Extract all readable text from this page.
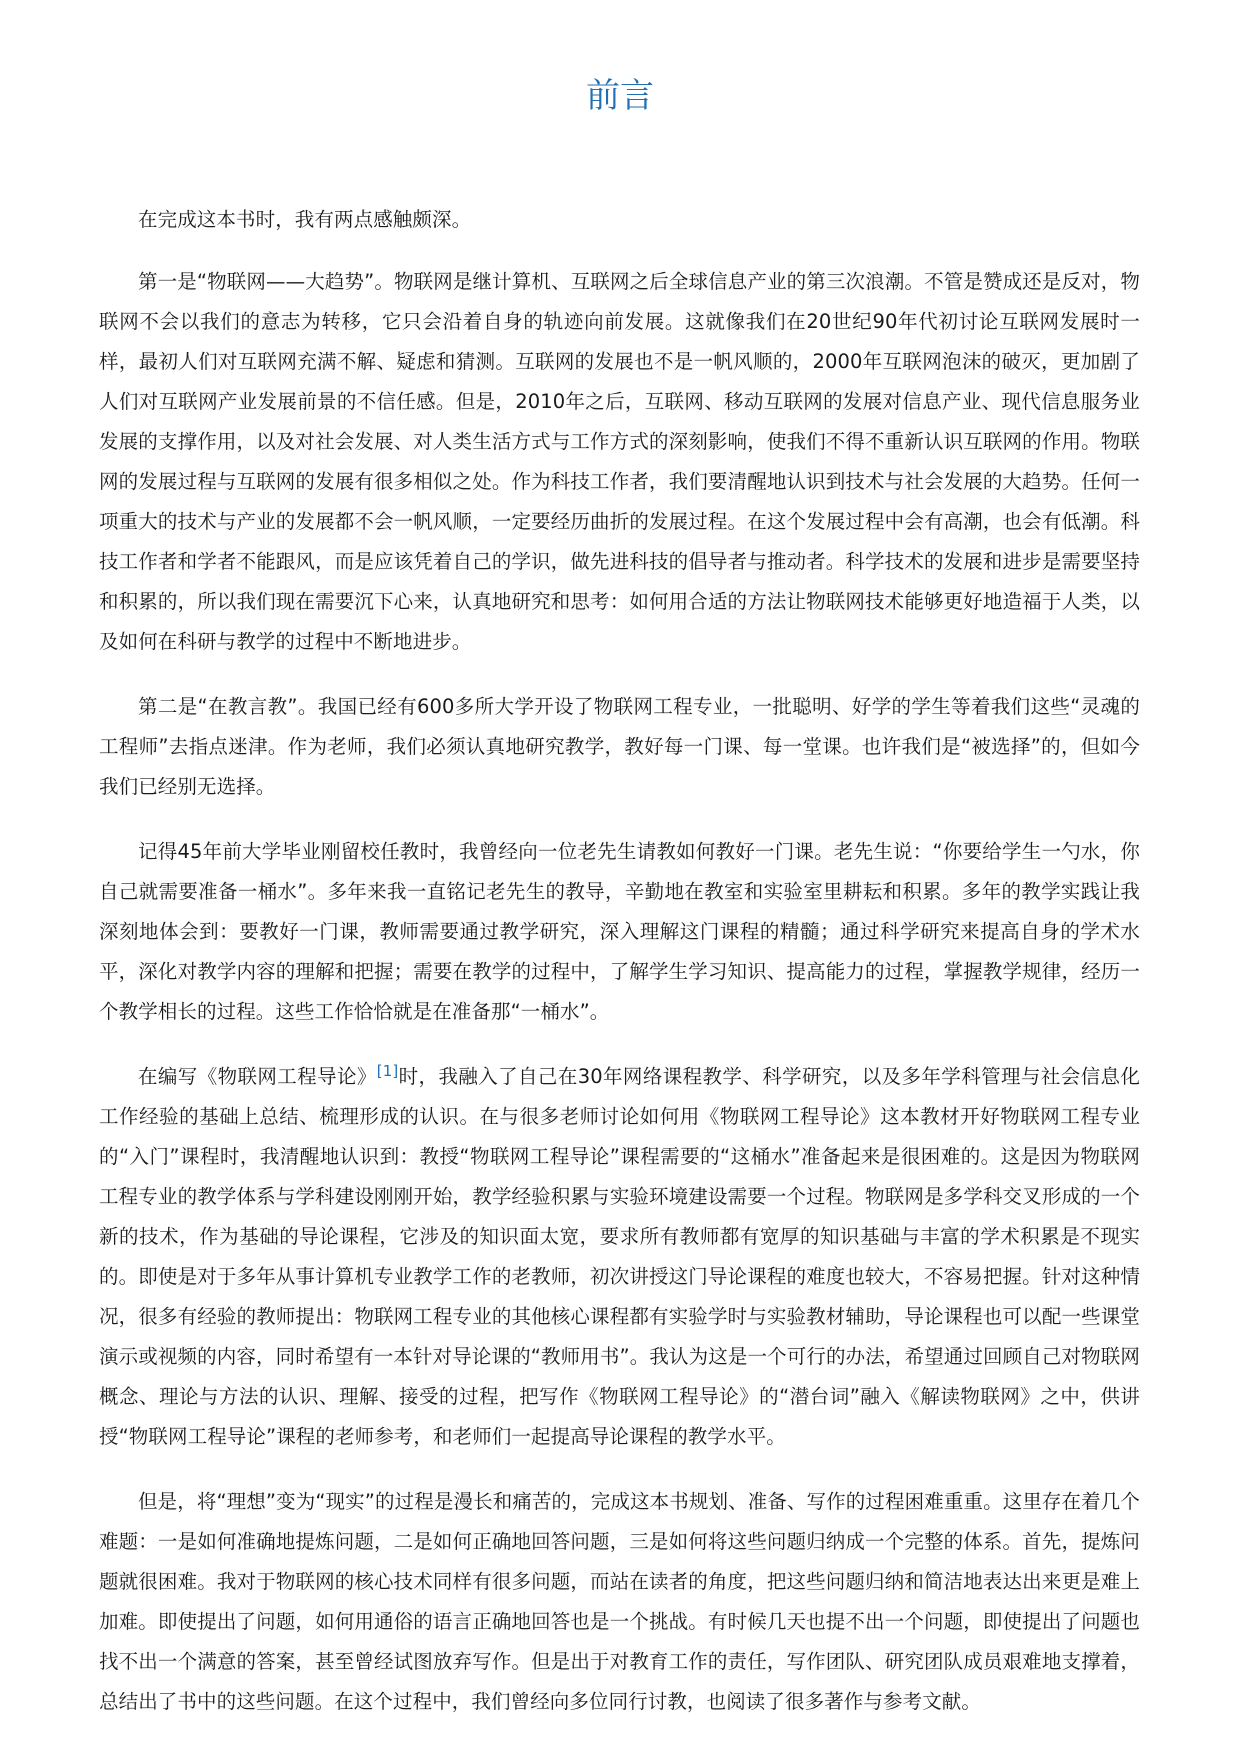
前言

在完成这本书时，我有两点感触颇深。

第一是“物联网——大趋势”。物联网是继计算机、互联网之后全球信息产业的第三次浪潮。不管是赞成还是反对，物联网不会以我们的意志为转移，它只会沿着自身的轨迹向前发展。这就像我们在20世纪90年代初讨论互联网发展时一样，最初人们对互联网充满不解、疑虑和猜测。互联网的发展也不是一帆风顺的，2000年互联网泡沫的破灭，更加剧了人们对互联网产业发展前景的不信任感。但是，2010年之后，互联网、移动互联网的发展对信息产业、现代信息服务业发展的支撑作用，以及对社会发展、对人类生活方式与工作方式的深刻影响，使我们不得不重新认识互联网的作用。物联网的发展过程与互联网的发展有很多相似之处。作为科技工作者，我们要清醒地认识到技术与社会发展的大趋势。任何一项重大的技术与产业的发展都不会一帆风顺，一定要经历曲折的发展过程。在这个发展过程中会有高潮，也会有低潮。科技工作者和学者不能跟风，而是应该凭着自己的学识，做先进科技的倡导者与推动者。科学技术的发展和进步是需要坚持和积累的，所以我们现在需要沉下心来，认真地研究和思考：如何用合适的方法让物联网技术能够更好地造福于人类，以及如何在科研与教学的过程中不断地进步。

第二是“在教言教”。我国已经有600多所大学开设了物联网工程专业，一批聪明、好学的学生等着我们这些“灵魂的工程师”去指点迷津。作为老师，我们必须认真地研究教学，教好每一门课、每一堂课。也许我们是“被选择”的，但如今我们已经别无选择。

记得45年前大学毕业刚留校任教时，我曾经向一位老先生请教如何教好一门课。老先生说：“你要给学生一勺水，你自己就需要准备一桶水”。多年来我一直铭记老先生的教导，辛勤地在教室和实验室里耕耘和积累。多年的教学实践让我深刻地体会到：要教好一门课，教师需要通过教学研究，深入理解这门课程的精髓；通过科学研究来提高自身的学术水平，深化对教学内容的理解和把握；需要在教学的过程中，了解学生学习知识、提高能力的过程，掌握教学规律，经历一个教学相长的过程。这些工作恰恰就是在准备那“一桶水”。

在编写《物联网工程导论》[1]时，我融入了自己在30年网络课程教学、科学研究，以及多年学科管理与社会信息化工作经验的基础上总结、梳理形成的认识。在与很多老师讨论如何用《物联网工程导论》这本教材开好物联网工程专业的“入门”课程时，我清醒地认识到：教授“物联网工程导论”课程需要的“这桶水”准备起来是很困难的。这是因为物联网工程专业的教学体系与学科建设刚刚开始，教学经验积累与实验环境建设需要一个过程。物联网是多学科交叉形成的一个新的技术，作为基础的导论课程，它涉及的知识面太宽，要求所有教师都有宽厚的知识基础与丰富的学术积累是不现实的。即使是对于多年从事计算机专业教学工作的老教师，初次讲授这门导论课程的难度也较大，不容易把握。针对这种情况，很多有经验的教师提出：物联网工程专业的其他核心课程都有实验学时与实验教材辅助，导论课程也可以配一些课堂演示或视频的内容，同时希望有一本针对导论课的“教师用书”。我认为这是一个可行的办法，希望通过回顾自己对物联网概念、理论与方法的认识、理解、接受的过程，把写作《物联网工程导论》的“潜台词”融入《解读物联网》之中，供讲授“物联网工程导论”课程的老师参考，和老师们一起提高导论课程的教学水平。

但是，将“理想”变为“现实”的过程是漫长和痛苦的，完成这本书规划、准备、写作的过程困难重重。这里存在着几个难题：一是如何准确地提炼问题，二是如何正确地回答问题，三是如何将这些问题归纳成一个完整的体系。首先，提炼问题就很困难。我对于物联网的核心技术同样有很多问题，而站在读者的角度，把这些问题归纳和简洁地表达出来更是难上加难。即使提出了问题，如何用通俗的语言正确地回答也是一个挑战。有时候几天也提不出一个问题，即使提出了问题也找不出一个满意的答案，甚至曾经试图放弃写作。但是出于对教育工作的责任，写作团队、研究团队成员艰难地支撑着，总结出了书中的这些问题。在这个过程中，我们曾经向多位同行讨教，也阅读了很多著作与参考文献。
